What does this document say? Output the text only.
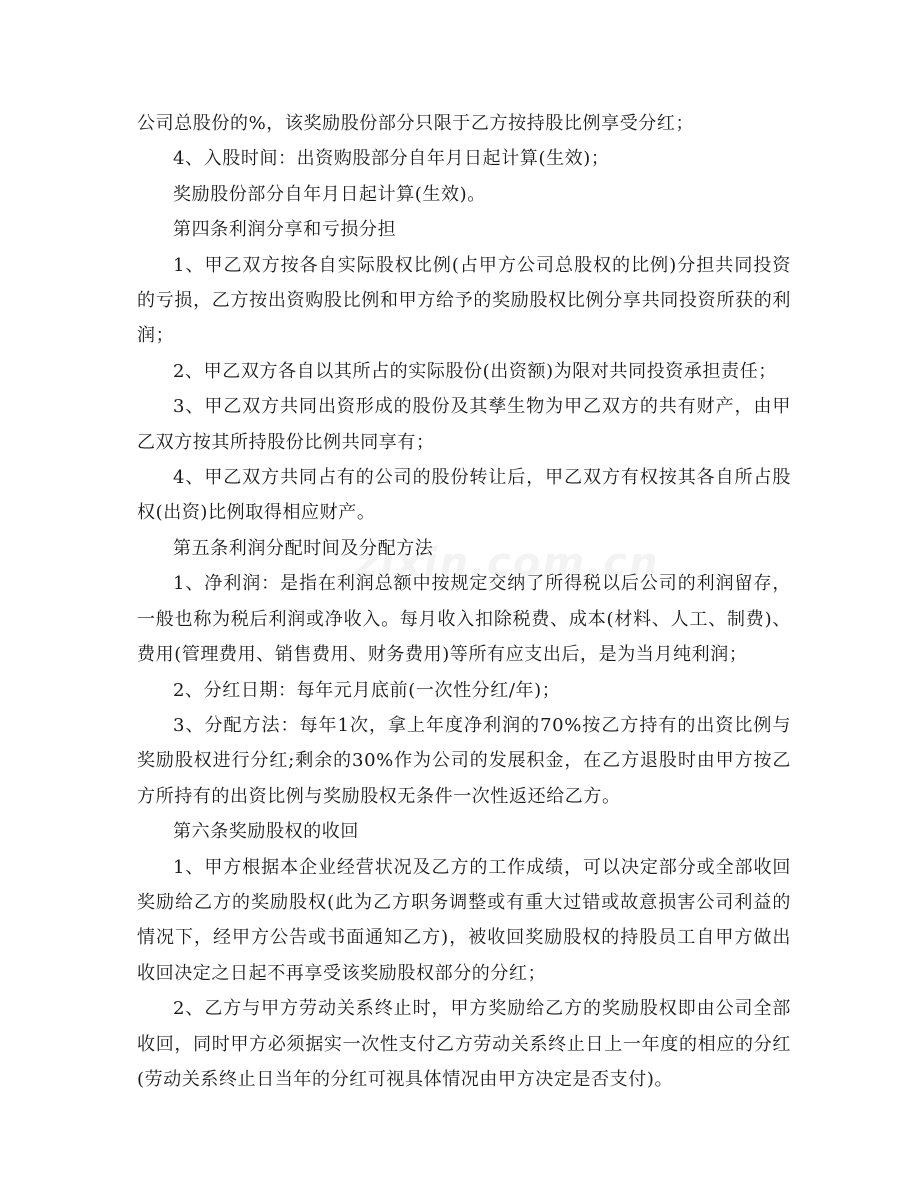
zixin.com.cn

公司总股份的%，该奖励股份部分只限于乙方按持股比例享受分红；

4、入股时间：出资购股部分自年月日起计算(生效)；

奖励股份部分自年月日起计算(生效)。

第四条利润分享和亏损分担

1、甲乙双方按各自实际股权比例(占甲方公司总股权的比例)分担共同投资的亏损，乙方按出资购股比例和甲方给予的奖励股权比例分享共同投资所获的利润；

2、甲乙双方各自以其所占的实际股份(出资额)为限对共同投资承担责任；

3、甲乙双方共同出资形成的股份及其孳生物为甲乙双方的共有财产，由甲乙双方按其所持股份比例共同享有；

4、甲乙双方共同占有的公司的股份转让后，甲乙双方有权按其各自所占股权(出资)比例取得相应财产。

第五条利润分配时间及分配方法

1、净利润：是指在利润总额中按规定交纳了所得税以后公司的利润留存，一般也称为税后利润或净收入。每月收入扣除税费、成本(材料、人工、制费)、费用(管理费用、销售费用、财务费用)等所有应支出后，是为当月纯利润；

2、分红日期：每年元月底前(一次性分红/年)；

3、分配方法：每年1次，拿上年度净利润的70%按乙方持有的出资比例与奖励股权进行分红;剩余的30%作为公司的发展积金，在乙方退股时由甲方按乙方所持有的出资比例与奖励股权无条件一次性返还给乙方。

第六条奖励股权的收回

1、甲方根据本企业经营状况及乙方的工作成绩，可以决定部分或全部收回奖励给乙方的奖励股权(此为乙方职务调整或有重大过错或故意损害公司利益的情况下，经甲方公告或书面通知乙方)，被收回奖励股权的持股员工自甲方做出收回决定之日起不再享受该奖励股权部分的分红；

2、乙方与甲方劳动关系终止时，甲方奖励给乙方的奖励股权即由公司全部收回，同时甲方必须据实一次性支付乙方劳动关系终止日上一年度的相应的分红(劳动关系终止日当年的分红可视具体情况由甲方决定是否支付)。
